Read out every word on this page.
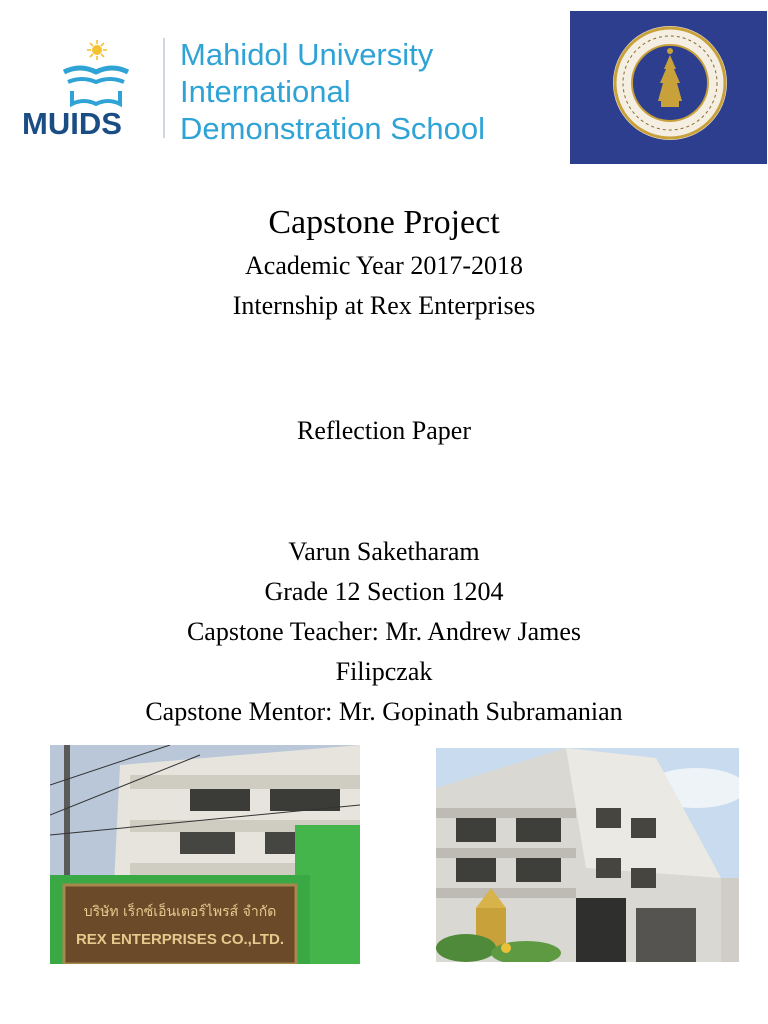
MUIDS
Mahidol University
International
Demonstration School
Capstone Project
Academic Year 2017-2018
Internship at Rex Enterprises
Reflection Paper
Varun Saketharam
Grade 12 Section 1204
Capstone Teacher: Mr. Andrew James
Filipczak
Capstone Mentor: Mr. Gopinath Subramanian
บริษัท เร็กซ์เอ็นเตอร์ไพรส์ จำกัด
REX ENTERPRISES CO.,LTD.
